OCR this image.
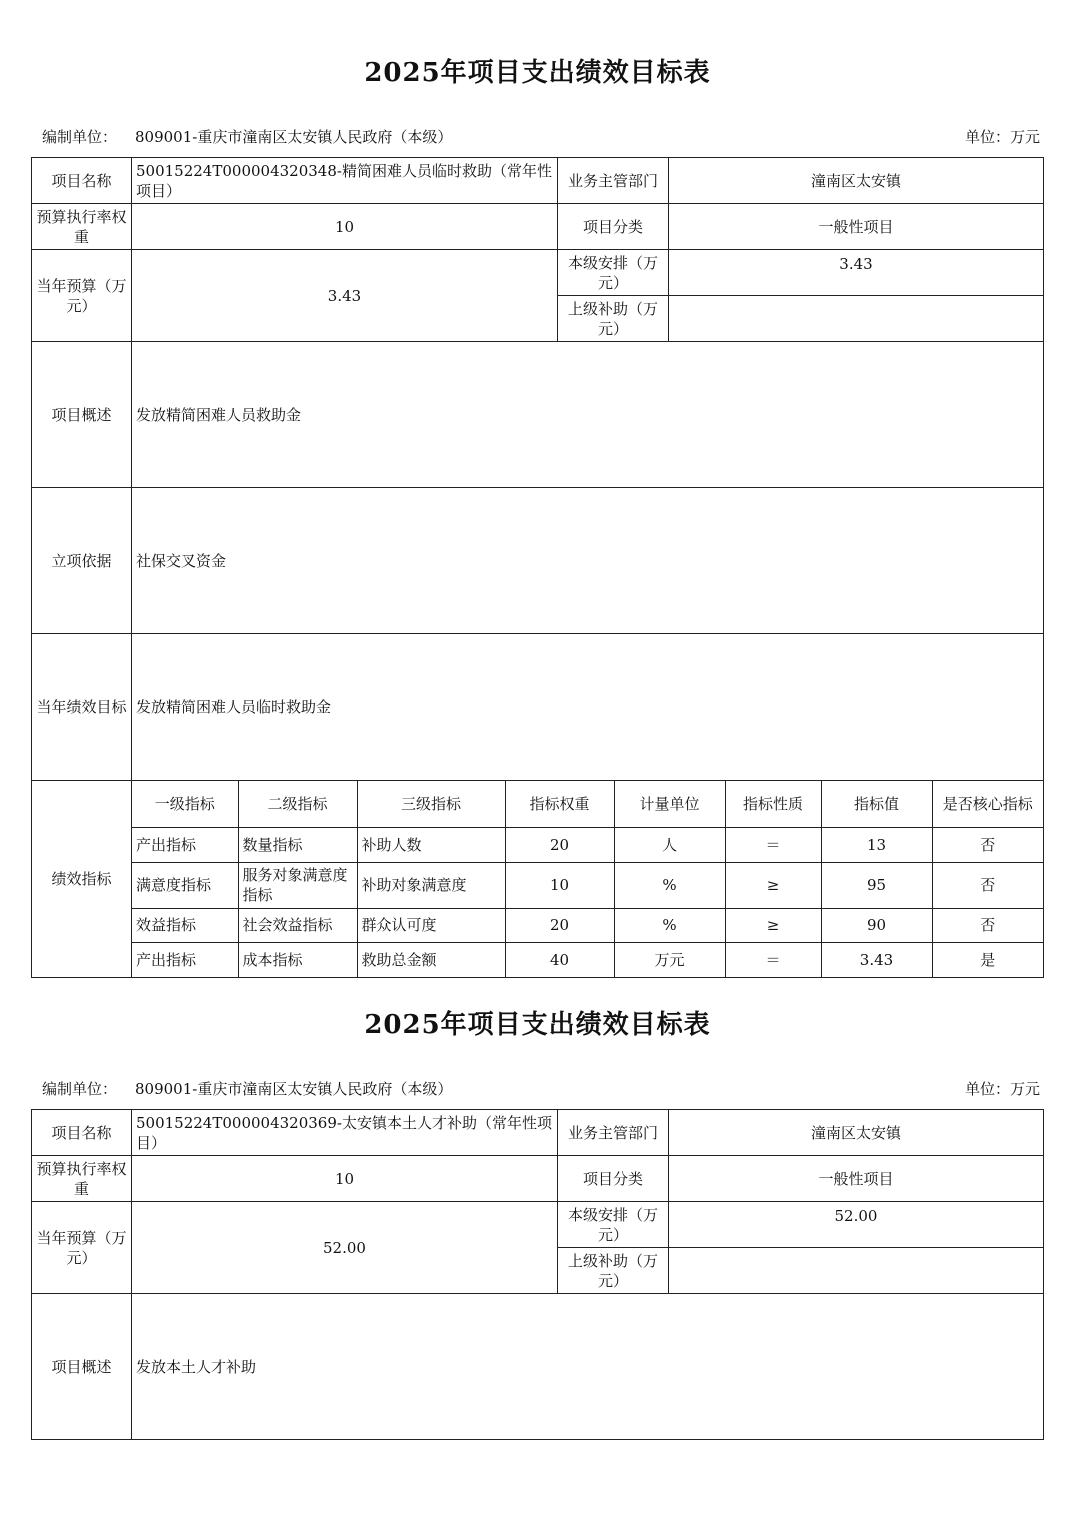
2025年项目支出绩效目标表
编制单位： 809001-重庆市潼南区太安镇人民政府（本级）	单位：万元
项目名称	50015224T000004320348-精简困难人员临时救助（常年性项目）	业务主管部门	潼南区太安镇
预算执行率权重	10	项目分类	一般性项目
当年预算（万元）	3.43	本级安排（万元）	3.43
上级补助（万元）	
项目概述	发放精简困难人员救助金
立项依据	社保交叉资金
当年绩效目标	发放精简困难人员临时救助金
绩效指标	
一级指标	二级指标	三级指标	指标权重	计量单位	指标性质	指标值	是否核心指标
产出指标	数量指标	补助人数	20	人	＝	13	否
满意度指标	服务对象满意度指标	补助对象满意度	10	%	≥	95	否
效益指标	社会效益指标	群众认可度	20	%	≥	90	否
产出指标	成本指标	救助总金额	40	万元	＝	3.43	是
2025年项目支出绩效目标表
编制单位： 809001-重庆市潼南区太安镇人民政府（本级）	单位：万元
项目名称	50015224T000004320369-太安镇本土人才补助（常年性项目）	业务主管部门	潼南区太安镇
预算执行率权重	10	项目分类	一般性项目
当年预算（万元）	52.00	本级安排（万元）	52.00
		上级补助（万元）	
项目概述	发放本土人才补助		
